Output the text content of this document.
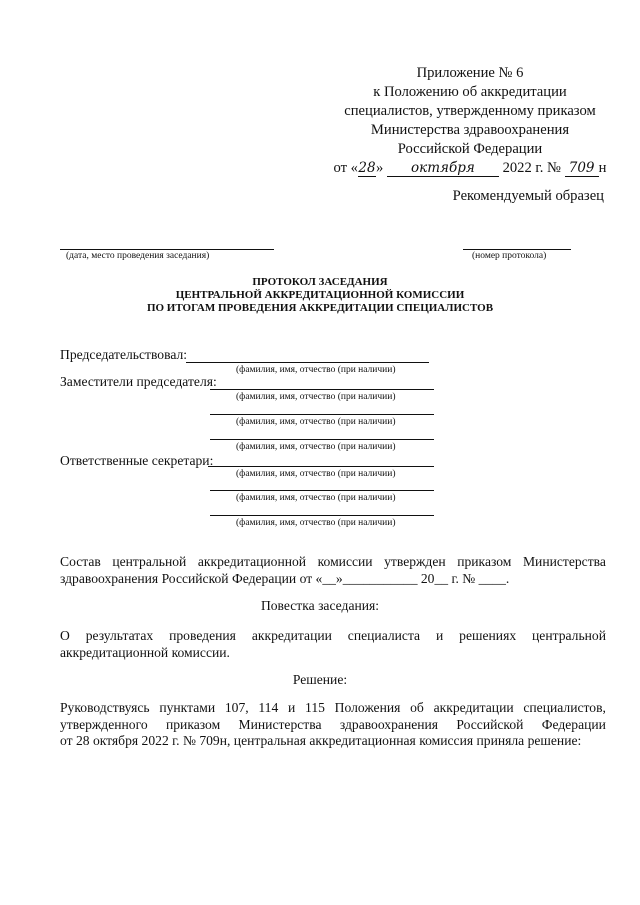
Приложение № 6
к Положению об аккредитации
специалистов, утвержденному приказом
Министерства здравоохранения
Российской Федерации
от «28» октября 2022 г. № 709 н
Рекомендуемый образец
(дата, место проведения заседания)	(номер протокола)
ПРОТОКОЛ ЗАСЕДАНИЯ
ЦЕНТРАЛЬНОЙ АККРЕДИТАЦИОННОЙ КОМИССИИ
ПО ИТОГАМ ПРОВЕДЕНИЯ АККРЕДИТАЦИИ СПЕЦИАЛИСТОВ
Председательствовал:
(фамилия, имя, отчество (при наличии)
Заместители председателя:
(фамилия, имя, отчество (при наличии)
(фамилия, имя, отчество (при наличии)
(фамилия, имя, отчество (при наличии)
Ответственные секретари:
(фамилия, имя, отчество (при наличии)
(фамилия, имя, отчество (при наличии)
(фамилия, имя, отчество (при наличии)
Состав центральной аккредитационной комиссии утвержден приказом Министерства
здравоохранения Российской Федерации от «__»___________ 20__ г. № ____.
Повестка заседания:
О результатах проведения аккредитации специалиста и решениях центральной аккредитационной комиссии.
Решение:
Руководствуясь пунктами 107, 114 и 115 Положения об аккредитации специалистов,
утвержденного приказом Министерства здравоохранения Российской Федерации
от 28 октября 2022 г. № 709н, центральная аккредитационная комиссия приняла решение:
